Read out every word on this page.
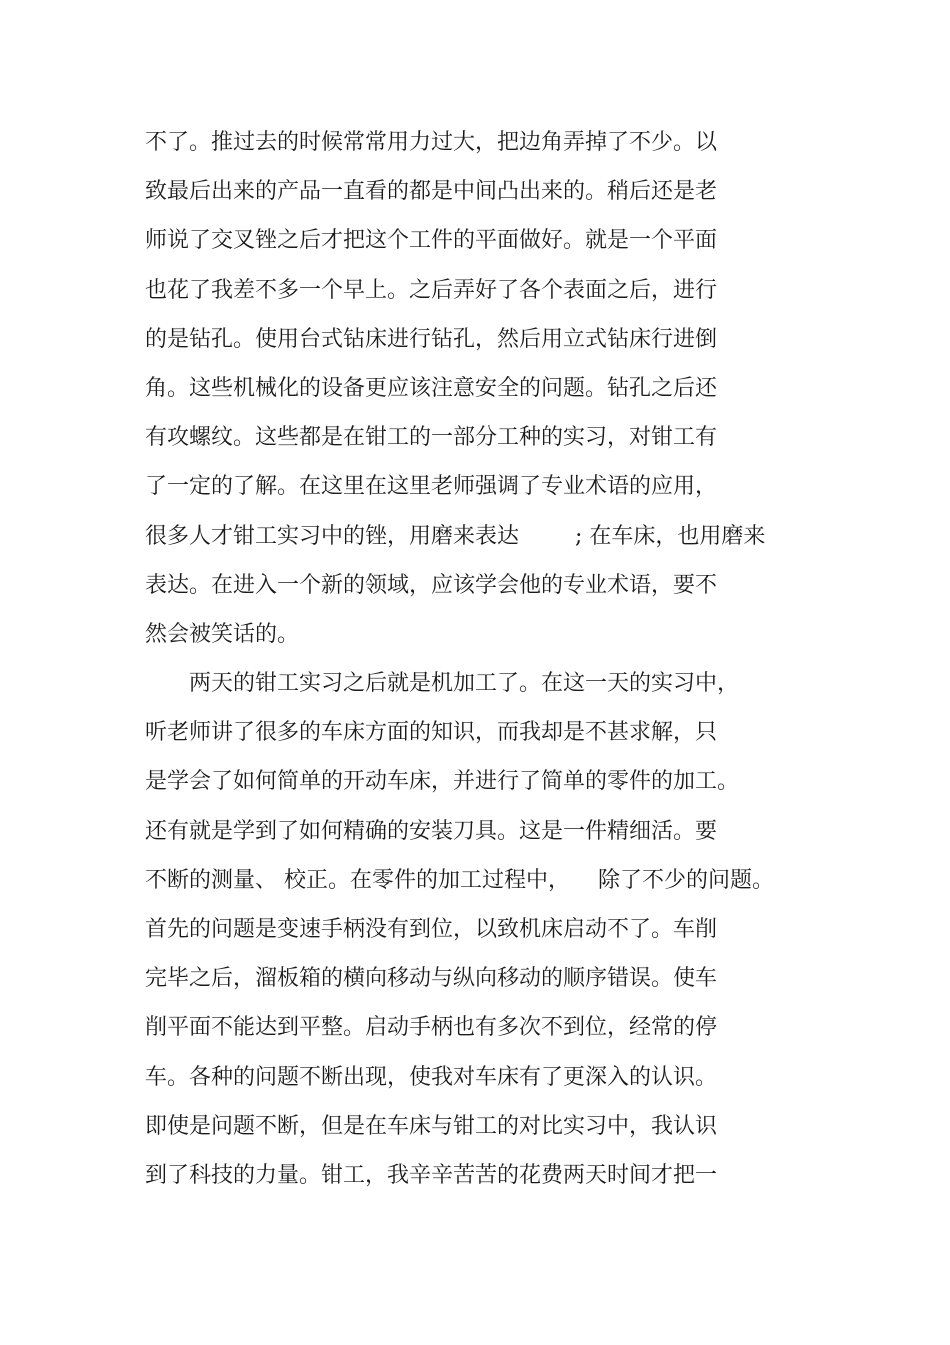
不了。推过去的时候常常用力过大，把边角弄掉了不少。以
致最后出来的产品一直看的都是中间凸出来的。稍后还是老
师说了交叉锉之后才把这个工件的平面做好。就是一个平面
也花了我差不多一个早上。之后弄好了各个表面之后，进行
的是钻孔。使用台式钻床进行钻孔，然后用立式钻床行进倒
角。这些机械化的设备更应该注意安全的问题。钻孔之后还
有攻螺纹。这些都是在钳工的一部分工种的实习，对钳工有
了一定的了解。在这里在这里老师强调了专业术语的应用，
很多人才钳工实习中的锉，用磨来表达        ; 在车床，也用磨来
表达。在进入一个新的领域，应该学会他的专业术语，要不
然会被笑话的。
两天的钳工实习之后就是机加工了。在这一天的实习中，
听老师讲了很多的车床方面的知识，而我却是不甚求解，只
是学会了如何简单的开动车床，并进行了简单的零件的加工。
还有就是学到了如何精确的安装刀具。这是一件精细活。要
不断的测量、 校正。在零件的加工过程中，    除了不少的问题。
首先的问题是变速手柄没有到位，以致机床启动不了。车削
完毕之后，溜板箱的横向移动与纵向移动的顺序错误。使车
削平面不能达到平整。启动手柄也有多次不到位，经常的停
车。各种的问题不断出现，使我对车床有了更深入的认识。
即使是问题不断，但是在车床与钳工的对比实习中，我认识
到了科技的力量。钳工，我辛辛苦苦的花费两天时间才把一
